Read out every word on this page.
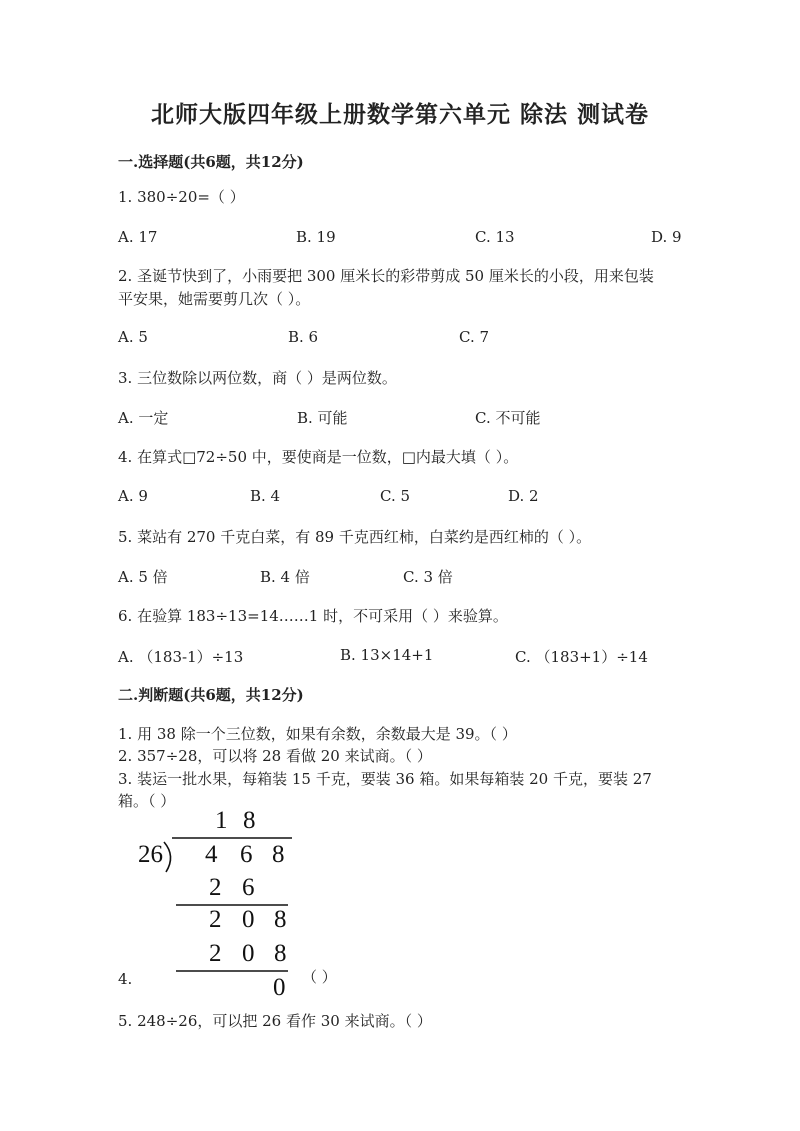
北师大版四年级上册数学第六单元 除法 测试卷
一.选择题(共6题，共12分)
1. 380÷20=（ ）
A. 17	B. 19	C. 13	D. 9
2. 圣诞节快到了，小雨要把 300 厘米长的彩带剪成 50 厘米长的小段，用来包装
平安果，她需要剪几次（ ）。
A. 5	B. 6	C. 7
3. 三位数除以两位数，商（ ）是两位数。
A. 一定	B. 可能	C. 不可能
4. 在算式□72÷50 中，要使商是一位数，□内最大填（ ）。
A. 9	B. 4	C. 5	D. 2
5. 菜站有 270 千克白菜，有 89 千克西红柿，白菜约是西红柿的（ ）。
A. 5 倍	B. 4 倍	C. 3 倍
6. 在验算 183÷13=14……1 时，不可采用（ ）来验算。
A. （183-1）÷13	B. 13×14+1	C. （183+1）÷14
二.判断题(共6题，共12分)
1. 用 38 除一个三位数，如果有余数，余数最大是 39。（ ）
2. 357÷28，可以将 28 看做 20 来试商。（ ）
3. 装运一批水果，每箱装 15 千克，要装 36 箱。如果每箱装 20 千克，要装 27
箱。（ ）
1 8
26 4 6 8
2 6
2 0 8
2 0 8
0
4.	（ ）
5. 248÷26，可以把 26 看作 30 来试商。（ ）
